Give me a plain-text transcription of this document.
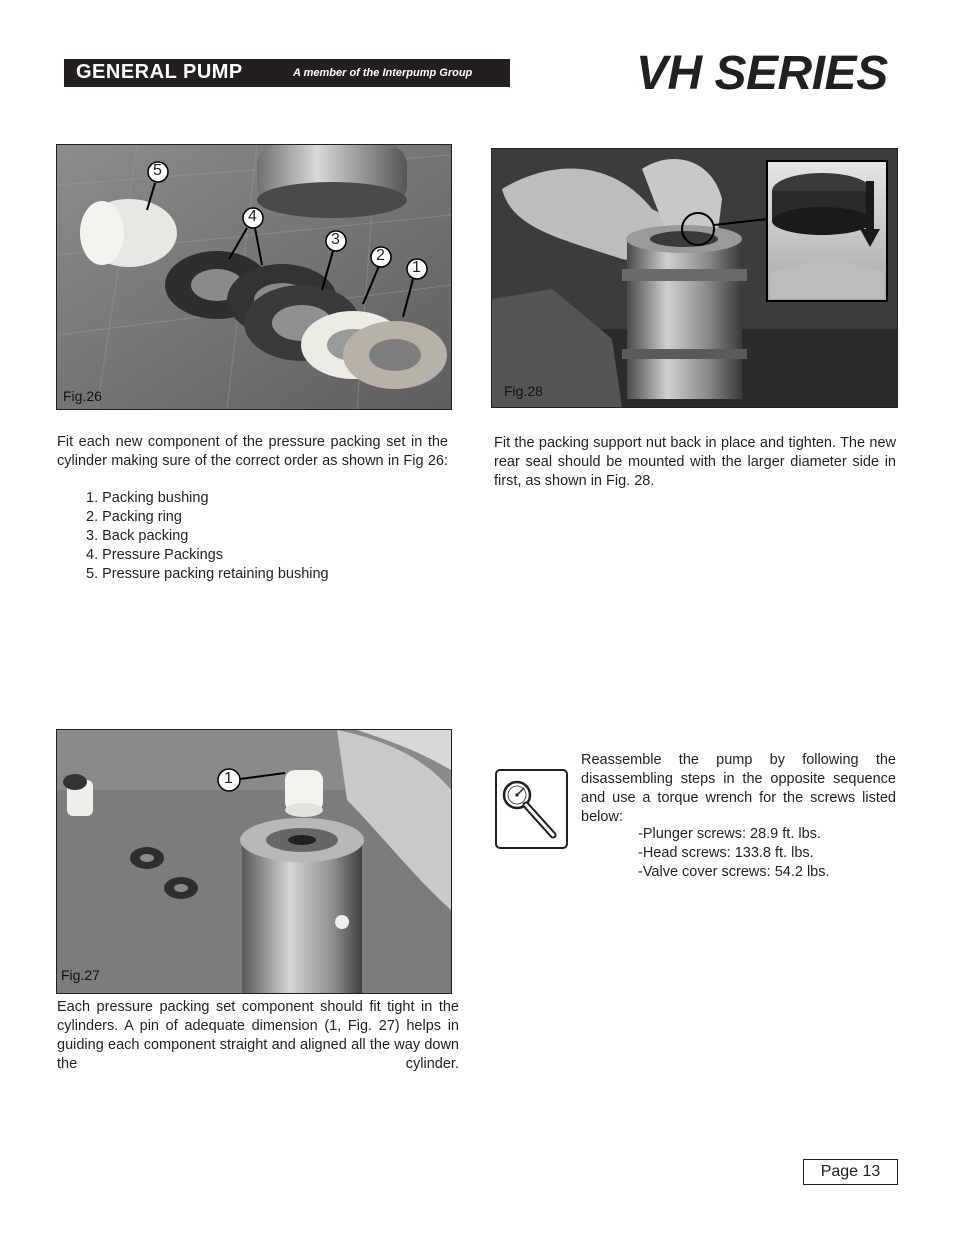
GENERAL PUMP	A member of the Interpump Group	VH SERIES
5
4
3
2
1
Fig.26	Fig.28
Fit each new component of the pressure packing set in the cylinder making sure of the correct order as shown in Fig 26:
1. Packing bushing
2. Packing ring
3. Back packing
4. Pressure Packings
5. Pressure packing retaining bushing
Fit the packing support nut back in place and tighten. The new rear seal should be mounted with the larger diameter side in first, as shown in Fig. 28.
1
Fig.27
Each pressure packing set component should fit tight in the cylinders. A pin of adequate dimension (1, Fig. 27) helps in guiding each component straight and aligned all the way down the cylinder.
Reassemble the pump by following the disassembling steps in the opposite sequence and use a torque wrench for the screws listed below:
-Plunger screws: 28.9 ft. lbs.
-Head screws: 133.8 ft. lbs.
-Valve cover screws: 54.2 lbs.
Page 13
